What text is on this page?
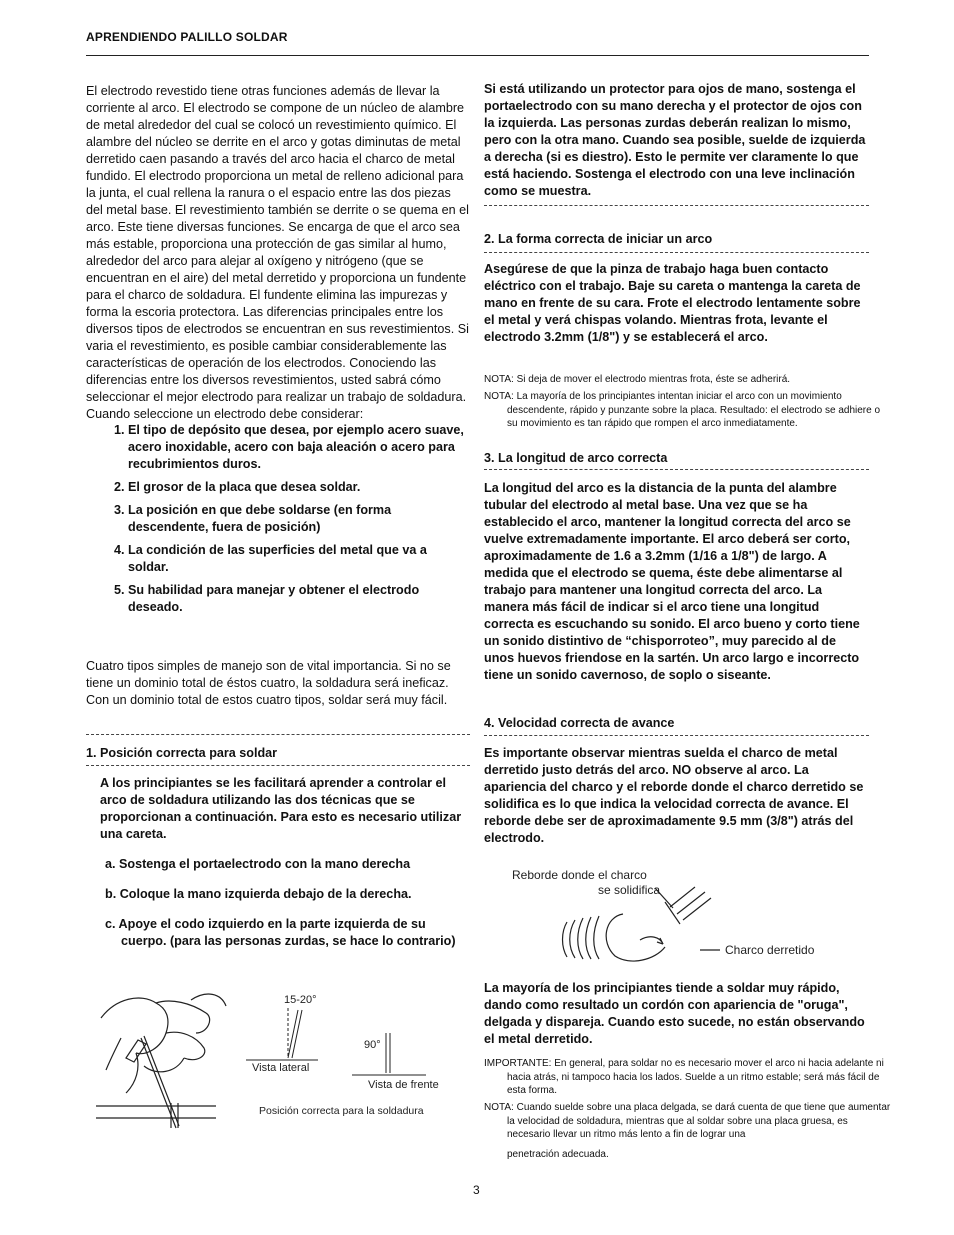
APRENDIENDO PALILLO SOLDAR

El electrodo revestido tiene otras funciones además de llevar la corriente al arco. El electrodo se compone de un núcleo de alambre de metal alrededor del cual se colocó un revestimiento químico. El alambre del núcleo se derrite en el arco y gotas diminutas de metal derretido caen pasando a través del arco hacia el charco de metal fundido. El electrodo proporciona un metal de relleno adicional para la junta, el cual rellena la ranura o el espacio entre las dos piezas del metal base. El revestimiento también se derrite o se quema en el arco. Este tiene diversas funciones. Se encarga de que el arco sea más estable, proporciona una protección de gas similar al humo, alrededor del arco para alejar al oxígeno y nitrógeno (que se encuentran en el aire) del metal derretido y proporciona un fundente para el charco de soldadura. El fundente elimina las impurezas y forma la escoria protectora. Las diferencias principales entre los diversos tipos de electrodos se encuentran en sus revestimientos. Si varia el revestimiento, es posible cambiar considerablemente las características de operación de los electrodos. Conociendo las diferencias entre los diversos revestimientos, usted sabrá cómo seleccionar el mejor electrodo para realizar un trabajo de soldadura. Cuando seleccione un electrodo debe considerar:

1. El tipo de depósito que desea, por ejemplo acero suave, acero inoxidable, acero con baja aleación o acero para recubrimientos duros.
2. El grosor de la placa que desea soldar.
3. La posición en que debe soldarse (en forma descendente, fuera de posición)
4. La condición de las superficies del metal que va a soldar.
5. Su habilidad para manejar y obtener el electrodo deseado.

Cuatro tipos simples de manejo son de vital importancia. Si no se tiene un dominio total de éstos cuatro, la soldadura será ineficaz. Con un dominio total de estos cuatro tipos, soldar será muy fácil.

1. Posición correcta para soldar
A los principiantes se les facilitará aprender a controlar el arco de soldadura utilizando las dos técnicas que se proporcionan a continuación. Para esto es necesario utilizar una careta.

a. Sostenga el portaelectrodo con la mano derecha

b. Coloque la mano izquierda debajo de la derecha.

c. Apoye el codo izquierdo en la parte izquierda de su cuerpo. (para las personas zurdas, se hace lo contrario)

15-20°
Vista lateral
90°
Vista de frente
Posición correcta para la soldadura
Si está utilizando un protector para ojos de mano, sostenga el portaelectrodo con su mano derecha y el protector de ojos con la izquierda. Las personas zurdas deberán realizan lo mismo, pero con la otra mano. Cuando sea posible, suelde de izquierda a derecha (si es diestro). Esto le permite ver claramente lo que está haciendo. Sostenga el electrodo con una leve inclinación como se muestra.
2. La forma correcta de iniciar un arco
Asegúrese de que la pinza de trabajo haga buen contacto eléctrico con el trabajo. Baje su careta o mantenga la careta de mano en frente de su cara. Frote el electrodo lentamente sobre el metal y verá chispas volando. Mientras frota, levante el electrodo 3.2mm (1/8") y se establecerá el arco.
NOTA: Si deja de mover el electrodo mientras frota, éste se adherirá.
NOTA: La mayoría de los principiantes intentan iniciar el arco con un movimiento descendente, rápido y punzante sobre la placa. Resultado: el electrodo se adhiere o su movimiento es tan rápido que rompen el arco inmediatamente.
3. La longitud de arco correcta
La longitud del arco es la distancia de la punta del alambre tubular del electrodo al metal base. Una vez que se ha establecido el arco, mantener la longitud correcta del arco se vuelve extremadamente importante. El arco deberá ser corto, aproximadamente de 1.6 a 3.2mm (1/16 a 1/8") de largo. A medida que el electrodo se quema, éste debe alimentarse al trabajo para mantener una longitud correcta del arco. La manera más fácil de indicar si el arco tiene una longitud correcta es escuchando su sonido. El arco bueno y corto tiene un sonido distintivo de “chisporroteo”, muy parecido al de unos huevos friendose en la sartén. Un arco largo e incorrecto tiene un sonido cavernoso, de soplo o siseante.
4. Velocidad correcta de avance
Es importante observar mientras suelda el charco de metal derretido justo detrás del arco. NO observe al arco. La apariencia del charco y el reborde donde el charco derretido se solidifica es lo que indica la velocidad correcta de avance. El reborde debe ser de aproximadamente 9.5 mm (3/8") atrás del electrodo.
Reborde donde el charco
se solidifica
Charco derretido
La mayoría de los principiantes tiende a soldar muy rápido, dando como resultado un cordón con apariencia de "oruga", delgada y dispareja. Cuando esto sucede, no están observando el metal derretido.
IMPORTANTE: En general, para soldar no es necesario mover el arco ni hacia adelante ni hacia atrás, ni tampoco hacia los lados. Suelde a un ritmo estable; será más fácil de esta forma.
NOTA: Cuando suelde sobre una placa delgada, se dará cuenta de que tiene que aumentar la velocidad de soldadura, mientras que al soldar sobre una placa gruesa, es necesario llevar un ritmo más lento a fin de lograr una
penetración adecuada.
3
